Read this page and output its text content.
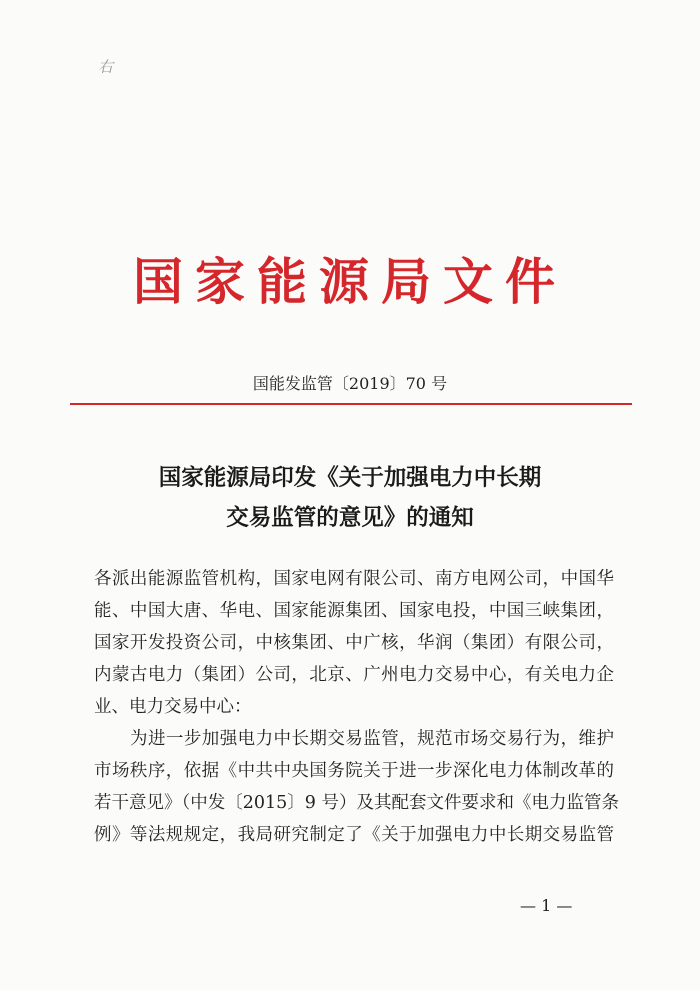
右
国家能源局文件
国能发监管〔2019〕70 号
国家能源局印发《关于加强电力中长期
交易监管的意见》的通知
各派出能源监管机构，国家电网有限公司、南方电网公司，中国华
能、中国大唐、华电、国家能源集团、国家电投，中国三峡集团，
国家开发投资公司，中核集团、中广核，华润（集团）有限公司，
内蒙古电力（集团）公司，北京、广州电力交易中心，有关电力企
业、电力交易中心：
为进一步加强电力中长期交易监管，规范市场交易行为，维护
市场秩序，依据《中共中央国务院关于进一步深化电力体制改革的
若干意见》（中发〔2015〕9 号）及其配套文件要求和《电力监管条
例》等法规规定，我局研究制定了《关于加强电力中长期交易监管
— 1 —
